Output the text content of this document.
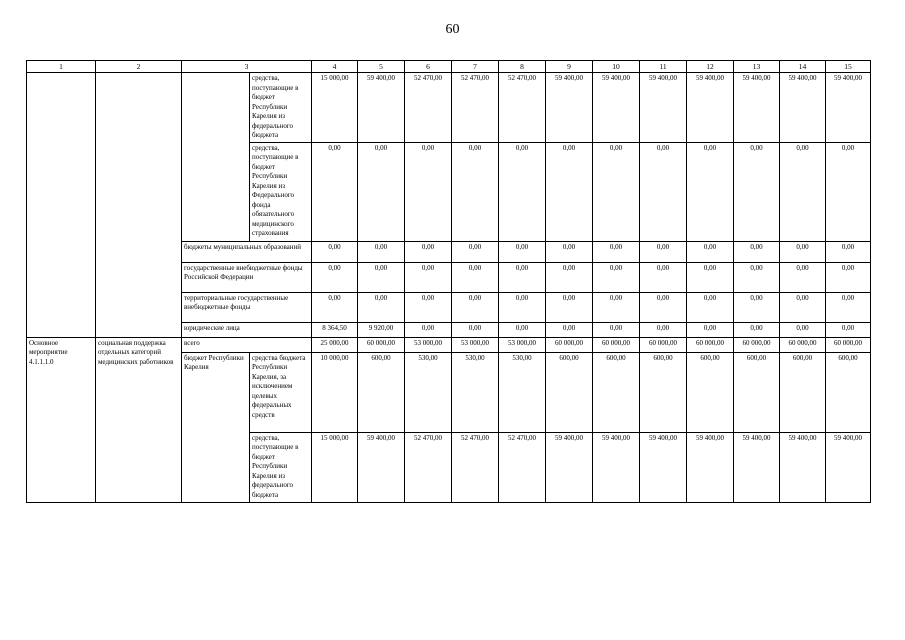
60
1	2	3		4	5	6	7	8	9	10	11	12	13	14	15
			средства, поступающие в бюджет Республики Карелия из федерального бюджета	15 000,00	59 400,00	52 470,00	52 470,00	52 470,00	59 400,00	59 400,00	59 400,00	59 400,00	59 400,00	59 400,00	59 400,00
			средства, поступающие в бюджет Республики Карелия из Федерального фонда обязательного медицинского страхования	0,00	0,00	0,00	0,00	0,00	0,00	0,00	0,00	0,00	0,00	0,00	0,00
		бюджеты муниципальных образований		0,00	0,00	0,00	0,00	0,00	0,00	0,00	0,00	0,00	0,00	0,00	0,00
		государственные внебюджетные фонды Российской Федерации		0,00	0,00	0,00	0,00	0,00	0,00	0,00	0,00	0,00	0,00	0,00	0,00
		территориальные государственные внебюджетные фонды		0,00	0,00	0,00	0,00	0,00	0,00	0,00	0,00	0,00	0,00	0,00	0,00
		юридические лица		8 364,50	9 920,00	0,00	0,00	0,00	0,00	0,00	0,00	0,00	0,00	0,00	0,00
Основное мероприятие 4.1.1.1.0	социальная поддержка отдельных категорий медицинских работников	всего		25 000,00	60 000,00	53 000,00	53 000,00	53 000,00	60 000,00	60 000,00	60 000,00	60 000,00	60 000,00	60 000,00	60 000,00
		бюджет Республики Карелия	средства бюджета Республики Карелия, за исключением целевых федеральных средств	10 000,00	600,00	530,00	530,00	530,00	600,00	600,00	600,00	600,00	600,00	600,00	600,00
			средства, поступающие в бюджет Республики Карелия из федерального бюджета	15 000,00	59 400,00	52 470,00	52 470,00	52 470,00	59 400,00	59 400,00	59 400,00	59 400,00	59 400,00	59 400,00	59 400,00
